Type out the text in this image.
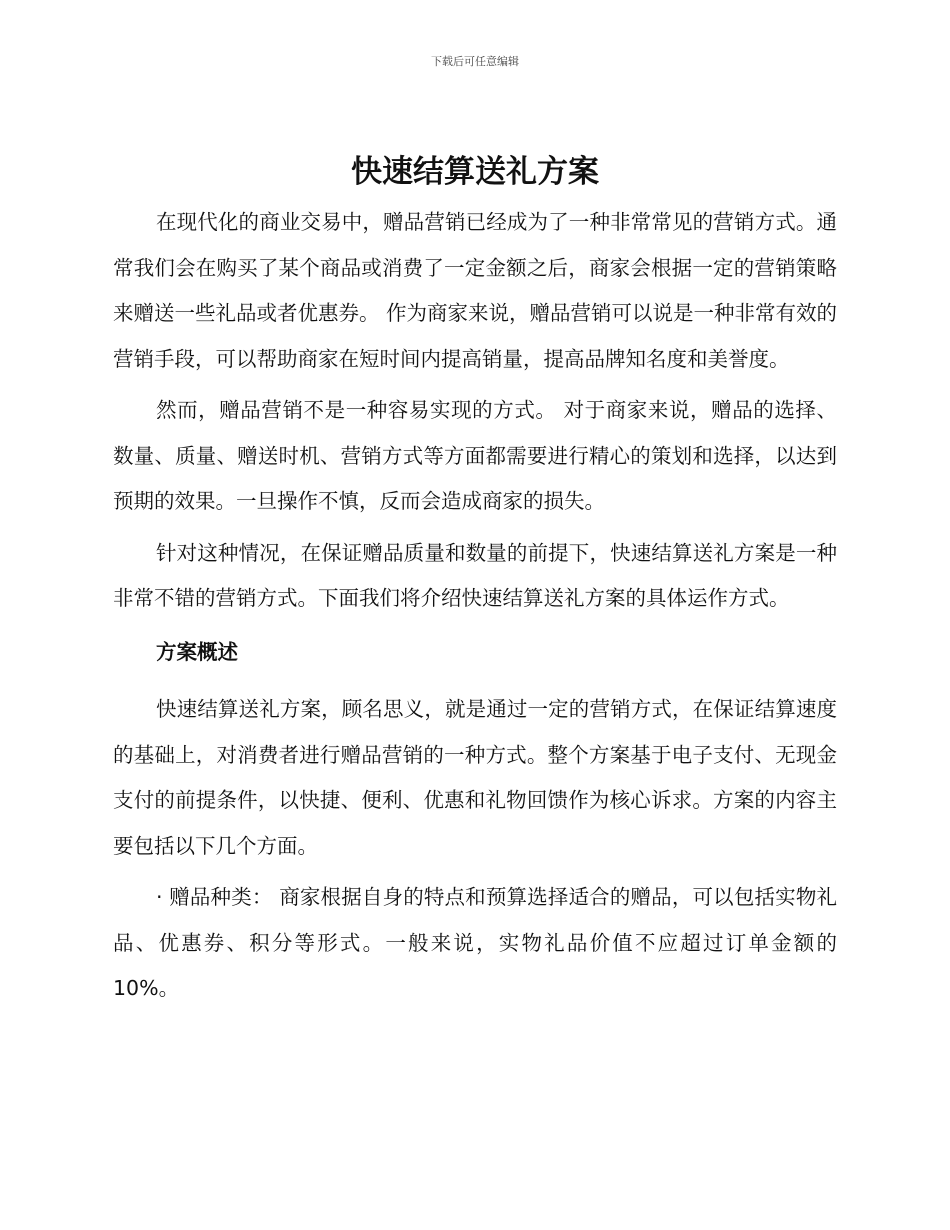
下载后可任意编辑
快速结算送礼方案

在现代化的商业交易中，赠品营销已经成为了一种非常常见的营销方式。通常我们会在购买了某个商品或消费了一定金额之后，商家会根据一定的营销策略来赠送一些礼品或者优惠券。 作为商家来说，赠品营销可以说是一种非常有效的营销手段，可以帮助商家在短时间内提高销量，提高品牌知名度和美誉度。

然而，赠品营销不是一种容易实现的方式。 对于商家来说，赠品的选择、数量、质量、赠送时机、营销方式等方面都需要进行精心的策划和选择，以达到预期的效果。一旦操作不慎，反而会造成商家的损失。

针对这种情况，在保证赠品质量和数量的前提下，快速结算送礼方案是一种非常不错的营销方式。下面我们将介绍快速结算送礼方案的具体运作方式。

方案概述

快速结算送礼方案，顾名思义，就是通过一定的营销方式，在保证结算速度的基础上，对消费者进行赠品营销的一种方式。整个方案基于电子支付、无现金支付的前提条件，以快捷、便利、优惠和礼物回馈作为核心诉求。方案的内容主要包括以下几个方面。

· 赠品种类： 商家根据自身的特点和预算选择适合的赠品，可以包括实物礼品、优惠券、积分等形式。一般来说，实物礼品价值不应超过订单金额的 10%。
